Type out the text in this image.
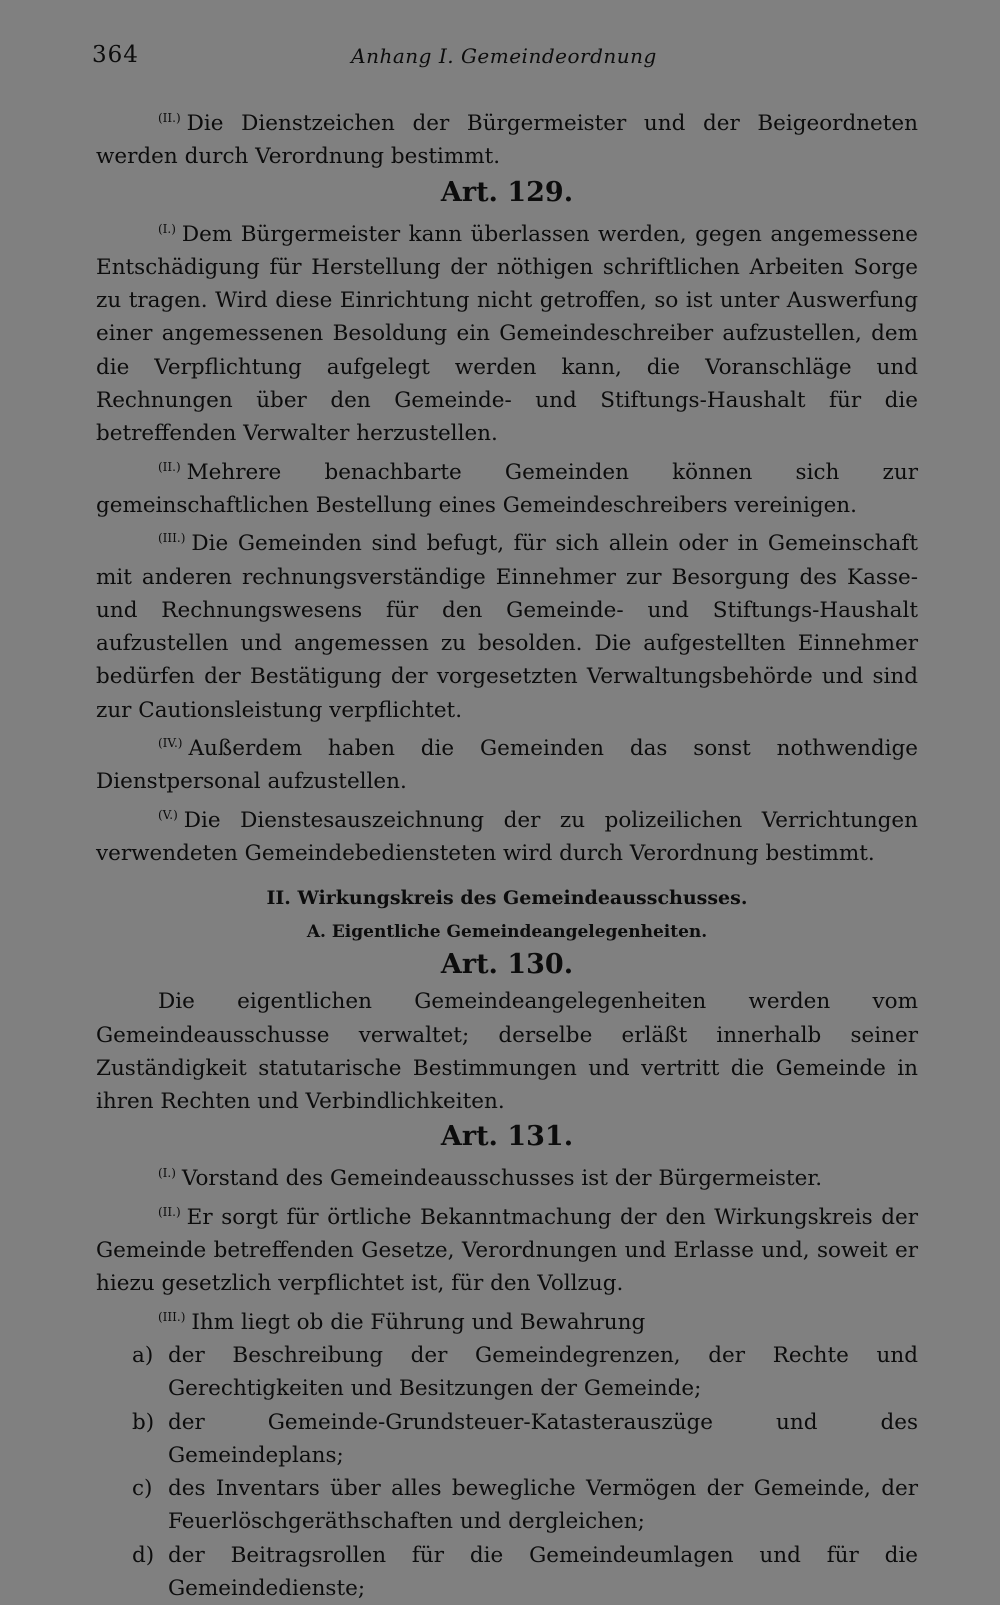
364	Anhang I. Gemeindeordnung

$^{(II.)}$ Die Dienstzeichen der Bürgermeister und der Beigeordneten werden durch Verordnung bestimmt.

Art. 129.

$^{(I.)}$ Dem Bürgermeister kann überlassen werden, gegen angemessene Entschädigung für Herstellung der nöthigen schriftlichen Arbeiten Sorge zu tragen. Wird diese Einrichtung nicht getroffen, so ist unter Auswerfung einer angemessenen Besoldung ein Gemeindeschreiber aufzustellen, dem die Verpflichtung aufgelegt werden kann, die Voranschläge und Rechnungen über den Gemeinde- und Stiftungs-Haushalt für die betreffenden Verwalter herzustellen.

$^{(II.)}$ Mehrere benachbarte Gemeinden können sich zur gemeinschaftlichen Bestellung eines Gemeindeschreibers vereinigen.

$^{(III.)}$ Die Gemeinden sind befugt, für sich allein oder in Gemeinschaft mit anderen rechnungsverständige Einnehmer zur Besorgung des Kasse- und Rechnungswesens für den Gemeinde- und Stiftungs-Haushalt aufzustellen und angemessen zu besolden. Die aufgestellten Einnehmer bedürfen der Bestätigung der vorgesetzten Verwaltungsbehörde und sind zur Cautionsleistung verpflichtet.

$^{(IV.)}$ Außerdem haben die Gemeinden das sonst nothwendige Dienstpersonal aufzustellen.

$^{(V.)}$ Die Dienstesauszeichnung der zu polizeilichen Verrichtungen verwendeten Gemeindebediensteten wird durch Verordnung bestimmt.

II. Wirkungskreis des Gemeindeausschusses.
A. Eigentliche Gemeindeangelegenheiten.
Art. 130.

Die eigentlichen Gemeindeangelegenheiten werden vom Gemeindeausschusse verwaltet; derselbe erläßt innerhalb seiner Zuständigkeit statutarische Bestimmungen und vertritt die Gemeinde in ihren Rechten und Verbindlichkeiten.

Art. 131.

$^{(I.)}$ Vorstand des Gemeindeausschusses ist der Bürgermeister.

$^{(II.)}$ Er sorgt für örtliche Bekanntmachung der den Wirkungskreis der Gemeinde betreffenden Gesetze, Verordnungen und Erlasse und, soweit er hiezu gesetzlich verpflichtet ist, für den Vollzug.

$^{(III.)}$ Ihm liegt ob die Führung und Bewahrung

a) der Beschreibung der Gemeindegrenzen, der Rechte und Gerechtigkeiten und Besitzungen der Gemeinde;
b) der Gemeinde-Grundsteuer-Katasterauszüge und des Gemeindeplans;
c) des Inventars über alles bewegliche Vermögen der Gemeinde, der Feuerlöschgeräthschaften und dergleichen;
d) der Beitragsrollen für die Gemeindeumlagen und für die Gemeindedienste;
